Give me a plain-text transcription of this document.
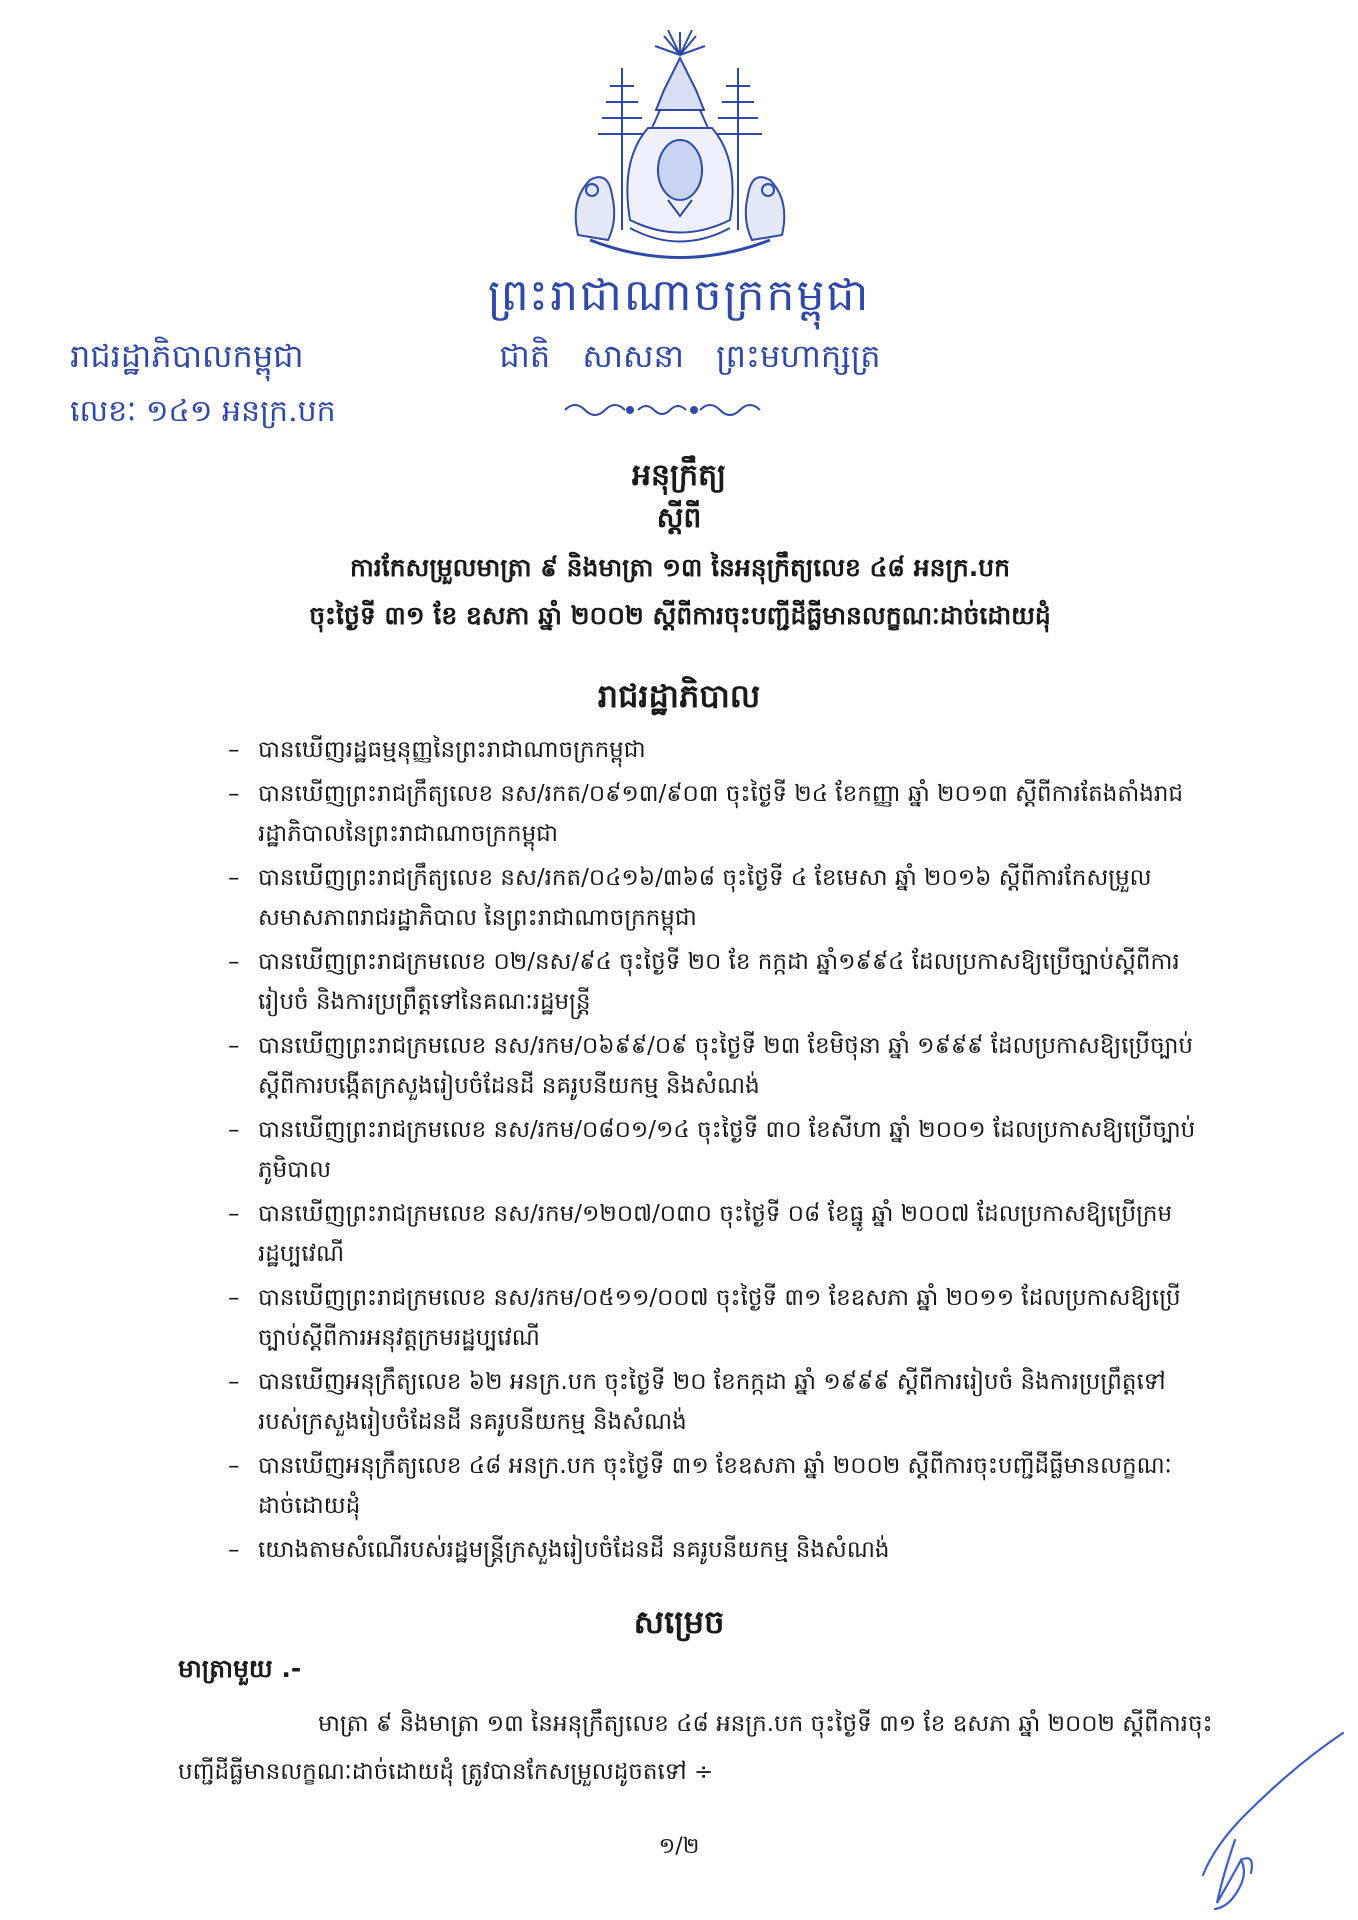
ព្រះរាជាណាចក្រកម្ពុជា
រាជរដ្ឋាភិបាលកម្ពុជា	ជាតិ សាសនា ព្រះមហាក្សត្រ
លេខៈ ១៤១ អនក្រ.បក
អនុក្រឹត្យ
ស្តីពី
ការកែសម្រួលមាត្រា ៩ និងមាត្រា ១៣ នៃអនុក្រឹត្យលេខ ៤៨ អនក្រ.បក
ចុះថ្ងៃទី ៣១ ខែ ឧសភា ឆ្នាំ ២០០២ ស្តីពីការចុះបញ្ជីដីធ្លីមានលក្ខណៈដាច់ដោយដុំ
រាជរដ្ឋាភិបាល
– បានឃើញរដ្ឋធម្មនុញ្ញនៃព្រះរាជាណាចក្រកម្ពុជា
– បានឃើញព្រះរាជក្រឹត្យលេខ នស/រកត/០៩១៣/៩០៣ ចុះថ្ងៃទី ២៤ ខែកញ្ញា ឆ្នាំ ២០១៣ ស្តីពីការតែងតាំងរាជរដ្ឋាភិបាលនៃព្រះរាជាណាចក្រកម្ពុជា
– បានឃើញព្រះរាជក្រឹត្យលេខ នស/រកត/០៤១៦/៣៦៨ ចុះថ្ងៃទី ៤ ខែមេសា ឆ្នាំ ២០១៦ ស្តីពីការកែសម្រួលសមាសភាពរាជរដ្ឋាភិបាល នៃព្រះរាជាណាចក្រកម្ពុជា
– បានឃើញព្រះរាជក្រមលេខ ០២/នស/៩៤ ចុះថ្ងៃទី ២០ ខែ កក្កដា ឆ្នាំ១៩៩៤ ដែលប្រកាសឱ្យប្រើច្បាប់ស្តីពីការរៀបចំ និងការប្រព្រឹត្តទៅនៃគណៈរដ្ឋមន្ត្រី
– បានឃើញព្រះរាជក្រមលេខ នស/រកម/០៦៩៩/០៩ ចុះថ្ងៃទី ២៣ ខែមិថុនា ឆ្នាំ ១៩៩៩ ដែលប្រកាសឱ្យប្រើច្បាប់ស្តីពីការបង្កើតក្រសួងរៀបចំដែនដី នគរូបនីយកម្ម និងសំណង់
– បានឃើញព្រះរាជក្រមលេខ នស/រកម/០៨០១/១៤ ចុះថ្ងៃទី ៣០ ខែសីហា ឆ្នាំ ២០០១ ដែលប្រកាសឱ្យប្រើច្បាប់ភូមិបាល
– បានឃើញព្រះរាជក្រមលេខ នស/រកម/១២០៧/០៣០ ចុះថ្ងៃទី ០៨ ខែធ្នូ ឆ្នាំ ២០០៧ ដែលប្រកាសឱ្យប្រើក្រមរដ្ឋប្បវេណី
– បានឃើញព្រះរាជក្រមលេខ នស/រកម/០៥១១/០០៧ ចុះថ្ងៃទី ៣១ ខែឧសភា ឆ្នាំ ២០១១ ដែលប្រកាសឱ្យប្រើច្បាប់ស្តីពីការអនុវត្តក្រមរដ្ឋប្បវេណី
– បានឃើញអនុក្រឹត្យលេខ ៦២ អនក្រ.បក ចុះថ្ងៃទី ២០ ខែកក្កដា ឆ្នាំ ១៩៩៩ ស្តីពីការរៀបចំ និងការប្រព្រឹត្តទៅរបស់ក្រសួងរៀបចំដែនដី នគរូបនីយកម្ម និងសំណង់
– បានឃើញអនុក្រឹត្យលេខ ៤៨ អនក្រ.បក ចុះថ្ងៃទី ៣១ ខែឧសភា ឆ្នាំ ២០០២ ស្តីពីការចុះបញ្ជីដីធ្លីមានលក្ខណៈដាច់ដោយដុំ
– យោងតាមសំណើរបស់រដ្ឋមន្ត្រីក្រសួងរៀបចំដែនដី នគរូបនីយកម្ម និងសំណង់
សម្រេច
មាត្រាមួយ .-
មាត្រា ៩ និងមាត្រា ១៣ នៃអនុក្រឹត្យលេខ ៤៨ អនក្រ.បក ចុះថ្ងៃទី ៣១ ខែ ឧសភា ឆ្នាំ ២០០២ ស្តីពីការចុះបញ្ជីដីធ្លីមានលក្ខណៈដាច់ដោយដុំ ត្រូវបានកែសម្រួលដូចតទៅ ÷
១/២
